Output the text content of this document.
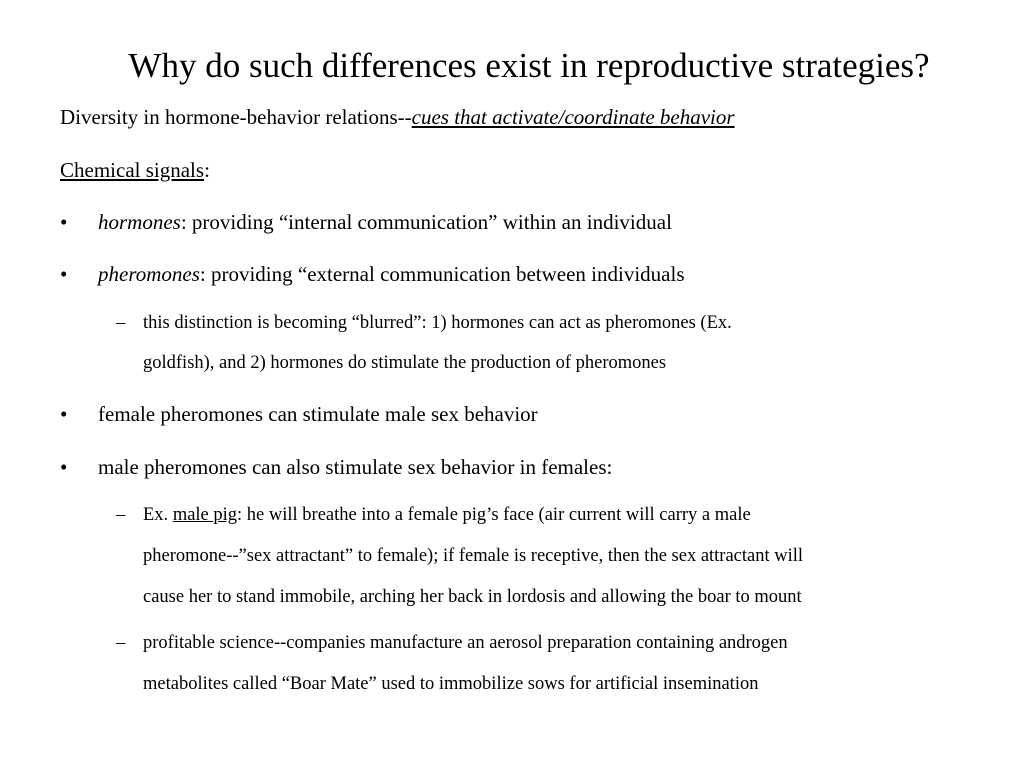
Why do such differences exist in reproductive strategies?
Diversity in hormone-behavior relations--cues that activate/coordinate behavior
Chemical signals:
• hormones: providing “internal communication” within an individual
• pheromones: providing “external communication between individuals
– this distinction is becoming “blurred”: 1) hormones can act as pheromones (Ex.
goldfish), and 2) hormones do stimulate the production of pheromones
• female pheromones can stimulate male sex behavior
• male pheromones can also stimulate sex behavior in females:
– Ex. male pig: he will breathe into a female pig’s face (air current will carry a male
pheromone--”sex attractant” to female); if female is receptive, then the sex attractant will
cause her to stand immobile, arching her back in lordosis and allowing the boar to mount
– profitable science--companies manufacture an aerosol preparation containing androgen
metabolites called “Boar Mate” used to immobilize sows for artificial insemination
